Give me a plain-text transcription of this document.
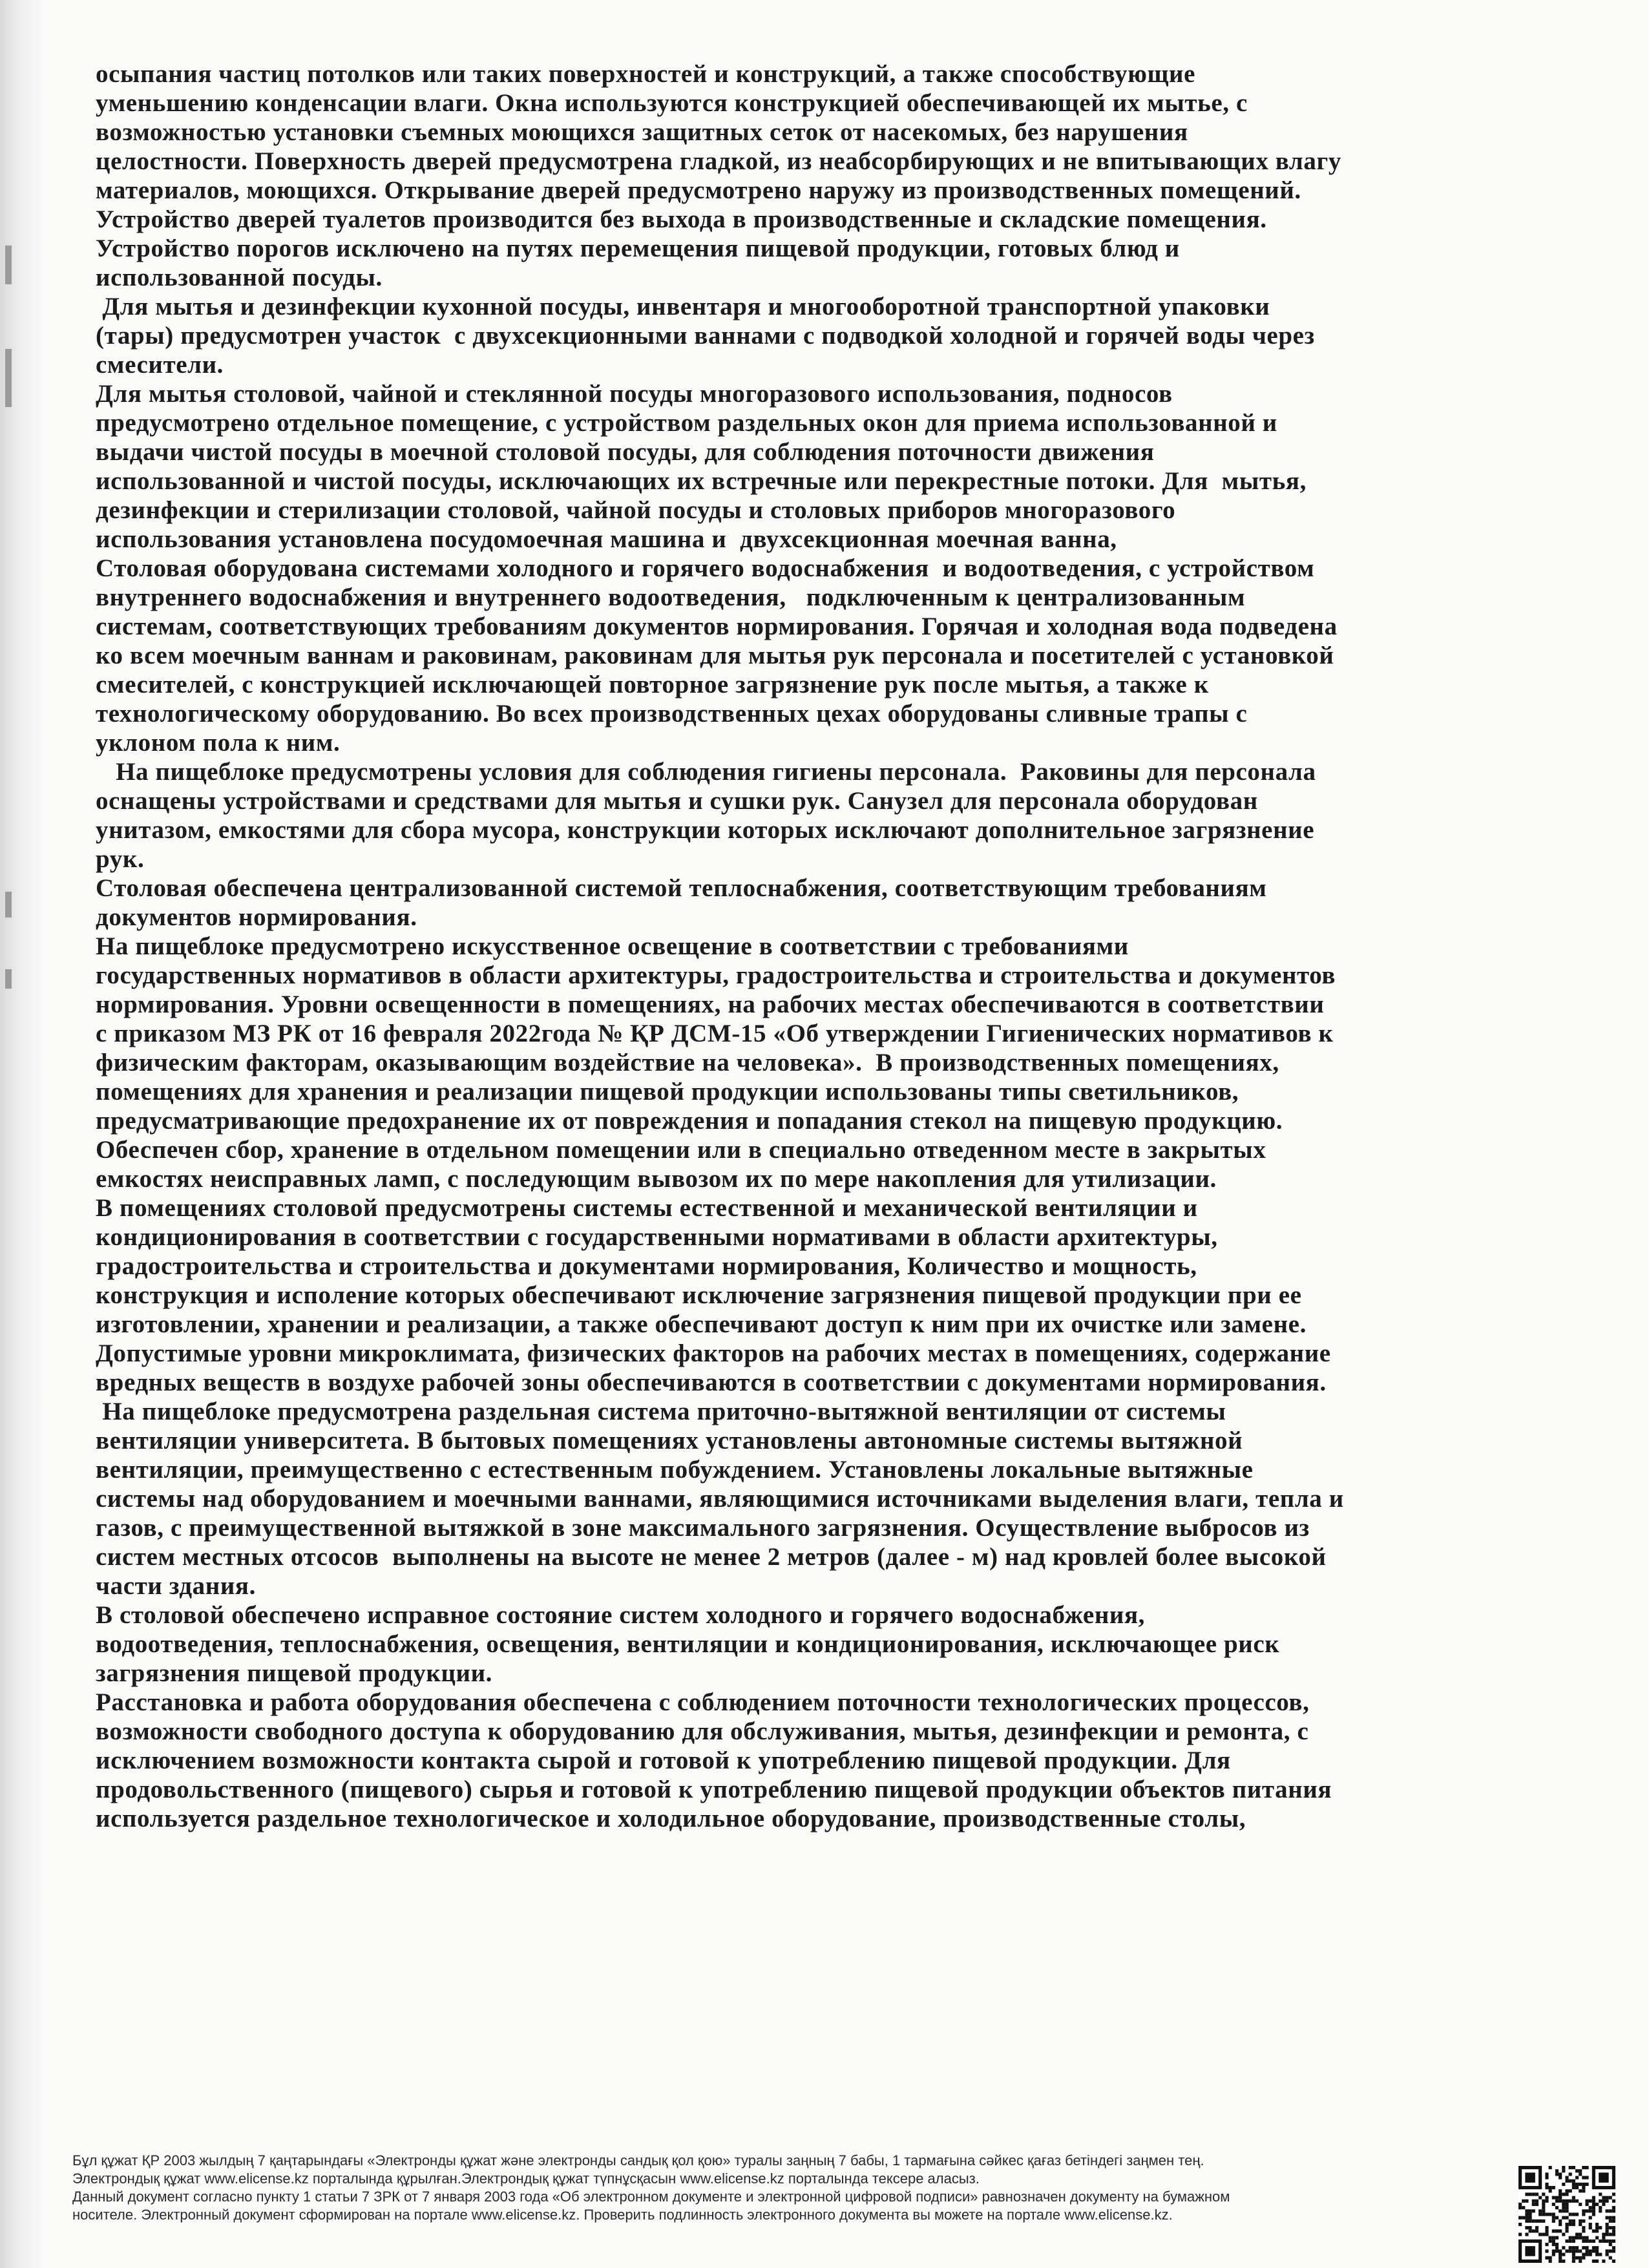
осыпания частиц потолков или таких поверхностей и конструкций, а также способствующие

уменьшению конденсации влаги. Окна используются конструкцией обеспечивающей их мытье, с

возможностью установки съемных моющихся защитных сеток от насекомых, без нарушения

целостности. Поверхность дверей предусмотрена гладкой, из неабсорбирующих и не впитывающих влагу

материалов, моющихся. Открывание дверей предусмотрено наружу из производственных помещений.

Устройство дверей туалетов производится без выхода в производственные и складские помещения.

Устройство порогов исключено на путях перемещения пищевой продукции, готовых блюд и

использованной посуды.

Для мытья и дезинфекции кухонной посуды, инвентаря и многооборотной транспортной упаковки

(тары) предусмотрен участок  с двухсекционными ваннами с подводкой холодной и горячей воды через

смесители.

Для мытья столовой, чайной и стеклянной посуды многоразового использования, подносов

предусмотрено отдельное помещение, с устройством раздельных окон для приема использованной и

выдачи чистой посуды в моечной столовой посуды, для соблюдения поточности движения

использованной и чистой посуды, исключающих их встречные или перекрестные потоки. Для  мытья,

дезинфекции и стерилизации столовой, чайной посуды и столовых приборов многоразового

использования установлена посудомоечная машина и  двухсекционная моечная ванна,

Столовая оборудована системами холодного и горячего водоснабжения  и водоотведения, с устройством

внутреннего водоснабжения и внутреннего водоотведения,   подключенным к централизованным

системам, соответствующих требованиям документов нормирования. Горячая и холодная вода подведена

ко всем моечным ваннам и раковинам, раковинам для мытья рук персонала и посетителей с установкой

смесителей, с конструкцией исключающей повторное загрязнение рук после мытья, а также к

технологическому оборудованию. Во всех производственных цехах оборудованы сливные трапы с

уклоном пола к ним.

На пищеблоке предусмотрены условия для соблюдения гигиены персонала.  Раковины для персонала

оснащены устройствами и средствами для мытья и сушки рук. Санузел для персонала оборудован

унитазом, емкостями для сбора мусора, конструкции которых исключают дополнительное загрязнение

рук.

Столовая обеспечена централизованной системой теплоснабжения, соответствующим требованиям

документов нормирования.

На пищеблоке предусмотрено искусственное освещение в соответствии с требованиями

государственных нормативов в области архитектуры, градостроительства и строительства и документов

нормирования. Уровни освещенности в помещениях, на рабочих местах обеспечиваются в соответствии

с приказом МЗ РК от 16 февраля 2022года № ҚР ДСМ-15 «Об утверждении Гигиенических нормативов к

физическим факторам, оказывающим воздействие на человека».  В производственных помещениях,

помещениях для хранения и реализации пищевой продукции использованы типы светильников,

предусматривающие предохранение их от повреждения и попадания стекол на пищевую продукцию.

Обеспечен сбор, хранение в отдельном помещении или в специально отведенном месте в закрытых

емкостях неисправных ламп, с последующим вывозом их по мере накопления для утилизации.

В помещениях столовой предусмотрены системы естественной и механической вентиляции и

кондиционирования в соответствии с государственными нормативами в области архитектуры,

градостроительства и строительства и документами нормирования, Количество и мощность,

конструкция и исполение которых обеспечивают исключение загрязнения пищевой продукции при ее

изготовлении, хранении и реализации, а также обеспечивают доступ к ним при их очистке или замене.

Допустимые уровни микроклимата, физических факторов на рабочих местах в помещениях, содержание

вредных веществ в воздухе рабочей зоны обеспечиваются в соответствии с документами нормирования.

На пищеблоке предусмотрена раздельная система приточно-вытяжной вентиляции от системы

вентиляции университета. В бытовых помещениях установлены автономные системы вытяжной

вентиляции, преимущественно с естественным побуждением. Установлены локальные вытяжные

системы над оборудованием и моечными ваннами, являющимися источниками выделения влаги, тепла и

газов, с преимущественной вытяжкой в зоне максимального загрязнения. Осуществление выбросов из

систем местных отсосов  выполнены на высоте не менее 2 метров (далее - м) над кровлей более высокой

части здания.

В столовой обеспечено исправное состояние систем холодного и горячего водоснабжения,

водоотведения, теплоснабжения, освещения, вентиляции и кондиционирования, исключающее риск

загрязнения пищевой продукции.

Расстановка и работа оборудования обеспечена с соблюдением поточности технологических процессов,

возможности свободного доступа к оборудованию для обслуживания, мытья, дезинфекции и ремонта, с

исключением возможности контакта сырой и готовой к употреблению пищевой продукции. Для

продовольственного (пищевого) сырья и готовой к употреблению пищевой продукции объектов питания

используется раздельное технологическое и холодильное оборудование, производственные столы,

Бұл құжат ҚР 2003 жылдың 7 қаңтарындағы «Электронды құжат және электронды сандық қол қою» туралы заңның 7 бабы, 1 тармағына сәйкес қағаз бетіндегі заңмен тең.

Электрондық құжат www.elicense.kz порталында құрылған.Электрондық құжат түпнұсқасын www.elicense.kz порталында тексере аласыз.

Данный документ согласно пункту 1 статьи 7 ЗРК от 7 января 2003 года «Об электронном документе и электронной цифровой подписи» равнозначен документу на бумажном

носителе. Электронный документ сформирован на портале www.elicense.kz. Проверить подлинность электронного документа вы можете на портале www.elicense.kz.
